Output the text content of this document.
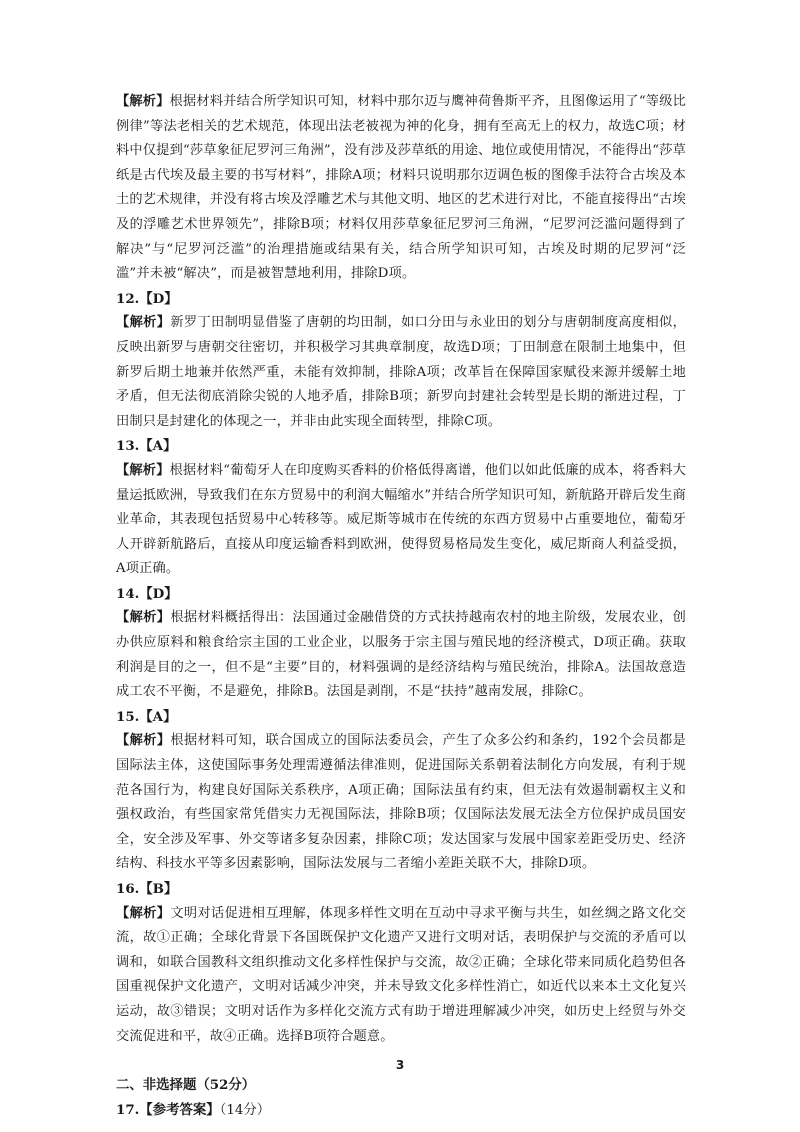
【解析】根据材料并结合所学知识可知，材料中那尔迈与鹰神荷鲁斯平齐，且图像运用了“等级比例律”等法老相关的艺术规范，体现出法老被视为神的化身，拥有至高无上的权力，故选C项；材料中仅提到“莎草象征尼罗河三角洲”，没有涉及莎草纸的用途、地位或使用情况，不能得出“莎草纸是古代埃及最主要的书写材料”，排除A项；材料只说明那尔迈调色板的图像手法符合古埃及本土的艺术规律，并没有将古埃及浮雕艺术与其他文明、地区的艺术进行对比，不能直接得出“古埃及的浮雕艺术世界领先”，排除B项；材料仅用莎草象征尼罗河三角洲，“尼罗河泛滥问题得到了解决”与“尼罗河泛滥”的治理措施或结果有关，结合所学知识可知，古埃及时期的尼罗河“泛滥”并未被“解决”，而是被智慧地利用，排除D项。

12.【D】

【解析】新罗丁田制明显借鉴了唐朝的均田制，如口分田与永业田的划分与唐朝制度高度相似，反映出新罗与唐朝交往密切，并积极学习其典章制度，故选D项；丁田制意在限制土地集中，但新罗后期土地兼并依然严重，未能有效抑制，排除A项；改革旨在保障国家赋役来源并缓解土地矛盾，但无法彻底消除尖锐的人地矛盾，排除B项；新罗向封建社会转型是长期的渐进过程，丁田制只是封建化的体现之一，并非由此实现全面转型，排除C项。

13.【A】

【解析】根据材料“葡萄牙人在印度购买香料的价格低得离谱，他们以如此低廉的成本，将香料大量运抵欧洲，导致我们在东方贸易中的利润大幅缩水”并结合所学知识可知，新航路开辟后发生商业革命，其表现包括贸易中心转移等。威尼斯等城市在传统的东西方贸易中占重要地位，葡萄牙人开辟新航路后，直接从印度运输香料到欧洲，使得贸易格局发生变化，威尼斯商人利益受损，A项正确。

14.【D】

【解析】根据材料概括得出：法国通过金融借贷的方式扶持越南农村的地主阶级，发展农业，创办供应原料和粮食给宗主国的工业企业，以服务于宗主国与殖民地的经济模式，D项正确。获取利润是目的之一，但不是“主要”目的，材料强调的是经济结构与殖民统治，排除A。法国故意造成工农不平衡，不是避免，排除B。法国是剥削，不是“扶持”越南发展，排除C。

15.【A】

【解析】根据材料可知，联合国成立的国际法委员会，产生了众多公约和条约，192个会员都是国际法主体，这使国际事务处理需遵循法律准则，促进国际关系朝着法制化方向发展，有利于规范各国行为，构建良好国际关系秩序，A项正确；国际法虽有约束，但无法有效遏制霸权主义和强权政治，有些国家常凭借实力无视国际法，排除B项；仅国际法发展无法全方位保护成员国安全，安全涉及军事、外交等诸多复杂因素，排除C项；发达国家与发展中国家差距受历史、经济结构、科技水平等多因素影响，国际法发展与二者缩小差距关联不大，排除D项。

16.【B】

【解析】文明对话促进相互理解，体现多样性文明在互动中寻求平衡与共生，如丝绸之路文化交流，故①正确；全球化背景下各国既保护文化遗产又进行文明对话，表明保护与交流的矛盾可以调和，如联合国教科文组织推动文化多样性保护与交流，故②正确；全球化带来同质化趋势但各国重视保护文化遗产，文明对话减少冲突，并未导致文化多样性消亡，如近代以来本土文化复兴运动，故③错误；文明对话作为多样化交流方式有助于增进理解减少冲突，如历史上经贸与外交交流促进和平，故④正确。选择B项符合题意。

二、非选择题（52分）

17.【参考答案】（14分）

3
